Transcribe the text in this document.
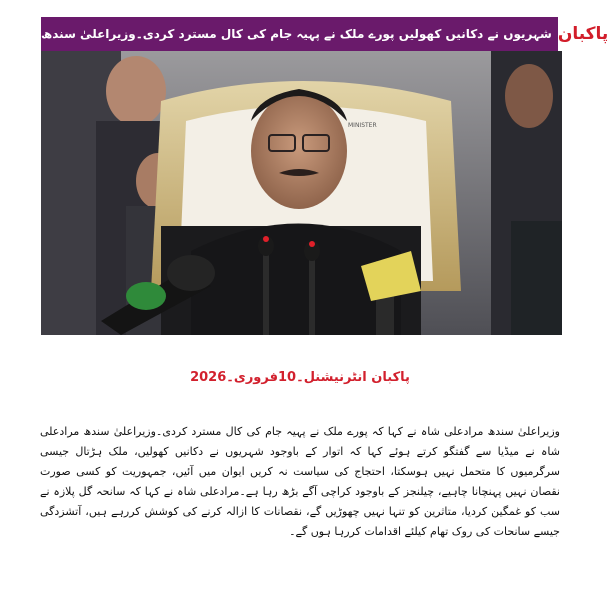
شہریوں نے دکانیں کھولیں پورے ملک نے پہیہ جام کی کال مسترد کردی۔وزیراعلیٰ سندھ پاکبان
MINISTER
پاکبان انٹرنیشنل۔10فروری۔2026
وزیراعلیٰ سندھ مرادعلی شاہ نے کہا کہ پورے ملک نے پہیہ جام کی کال مسترد کردی۔وزیراعلیٰ سندھ مرادعلی شاہ نے میڈیا سے گفتگو کرتے ہوئے کہا کہ اتوار کے باوجود شہریوں نے دکانیں کھولیں، ملک ہڑتال جیسی سرگرمیوں کا متحمل نہیں ہوسکتا، احتجاج کی سیاست نہ کریں ایوان میں آئیں، جمہوریت کو کسی صورت نقصان نہیں پہنچانا چاہیے، چیلنجز کے باوجود کراچی آگے بڑھ رہا ہے۔مرادعلی شاہ نے کہا کہ سانحہ گل پلازہ نے سب کو غمگین کردیا، متاثرین کو تنہا نہیں چھوڑیں گے، نقصانات کا ازالہ کرنے کی کوشش کررہے ہیں، آتشزدگی جیسے سانحات کی روک تھام کیلئے اقدامات کررہا ہوں گے۔
